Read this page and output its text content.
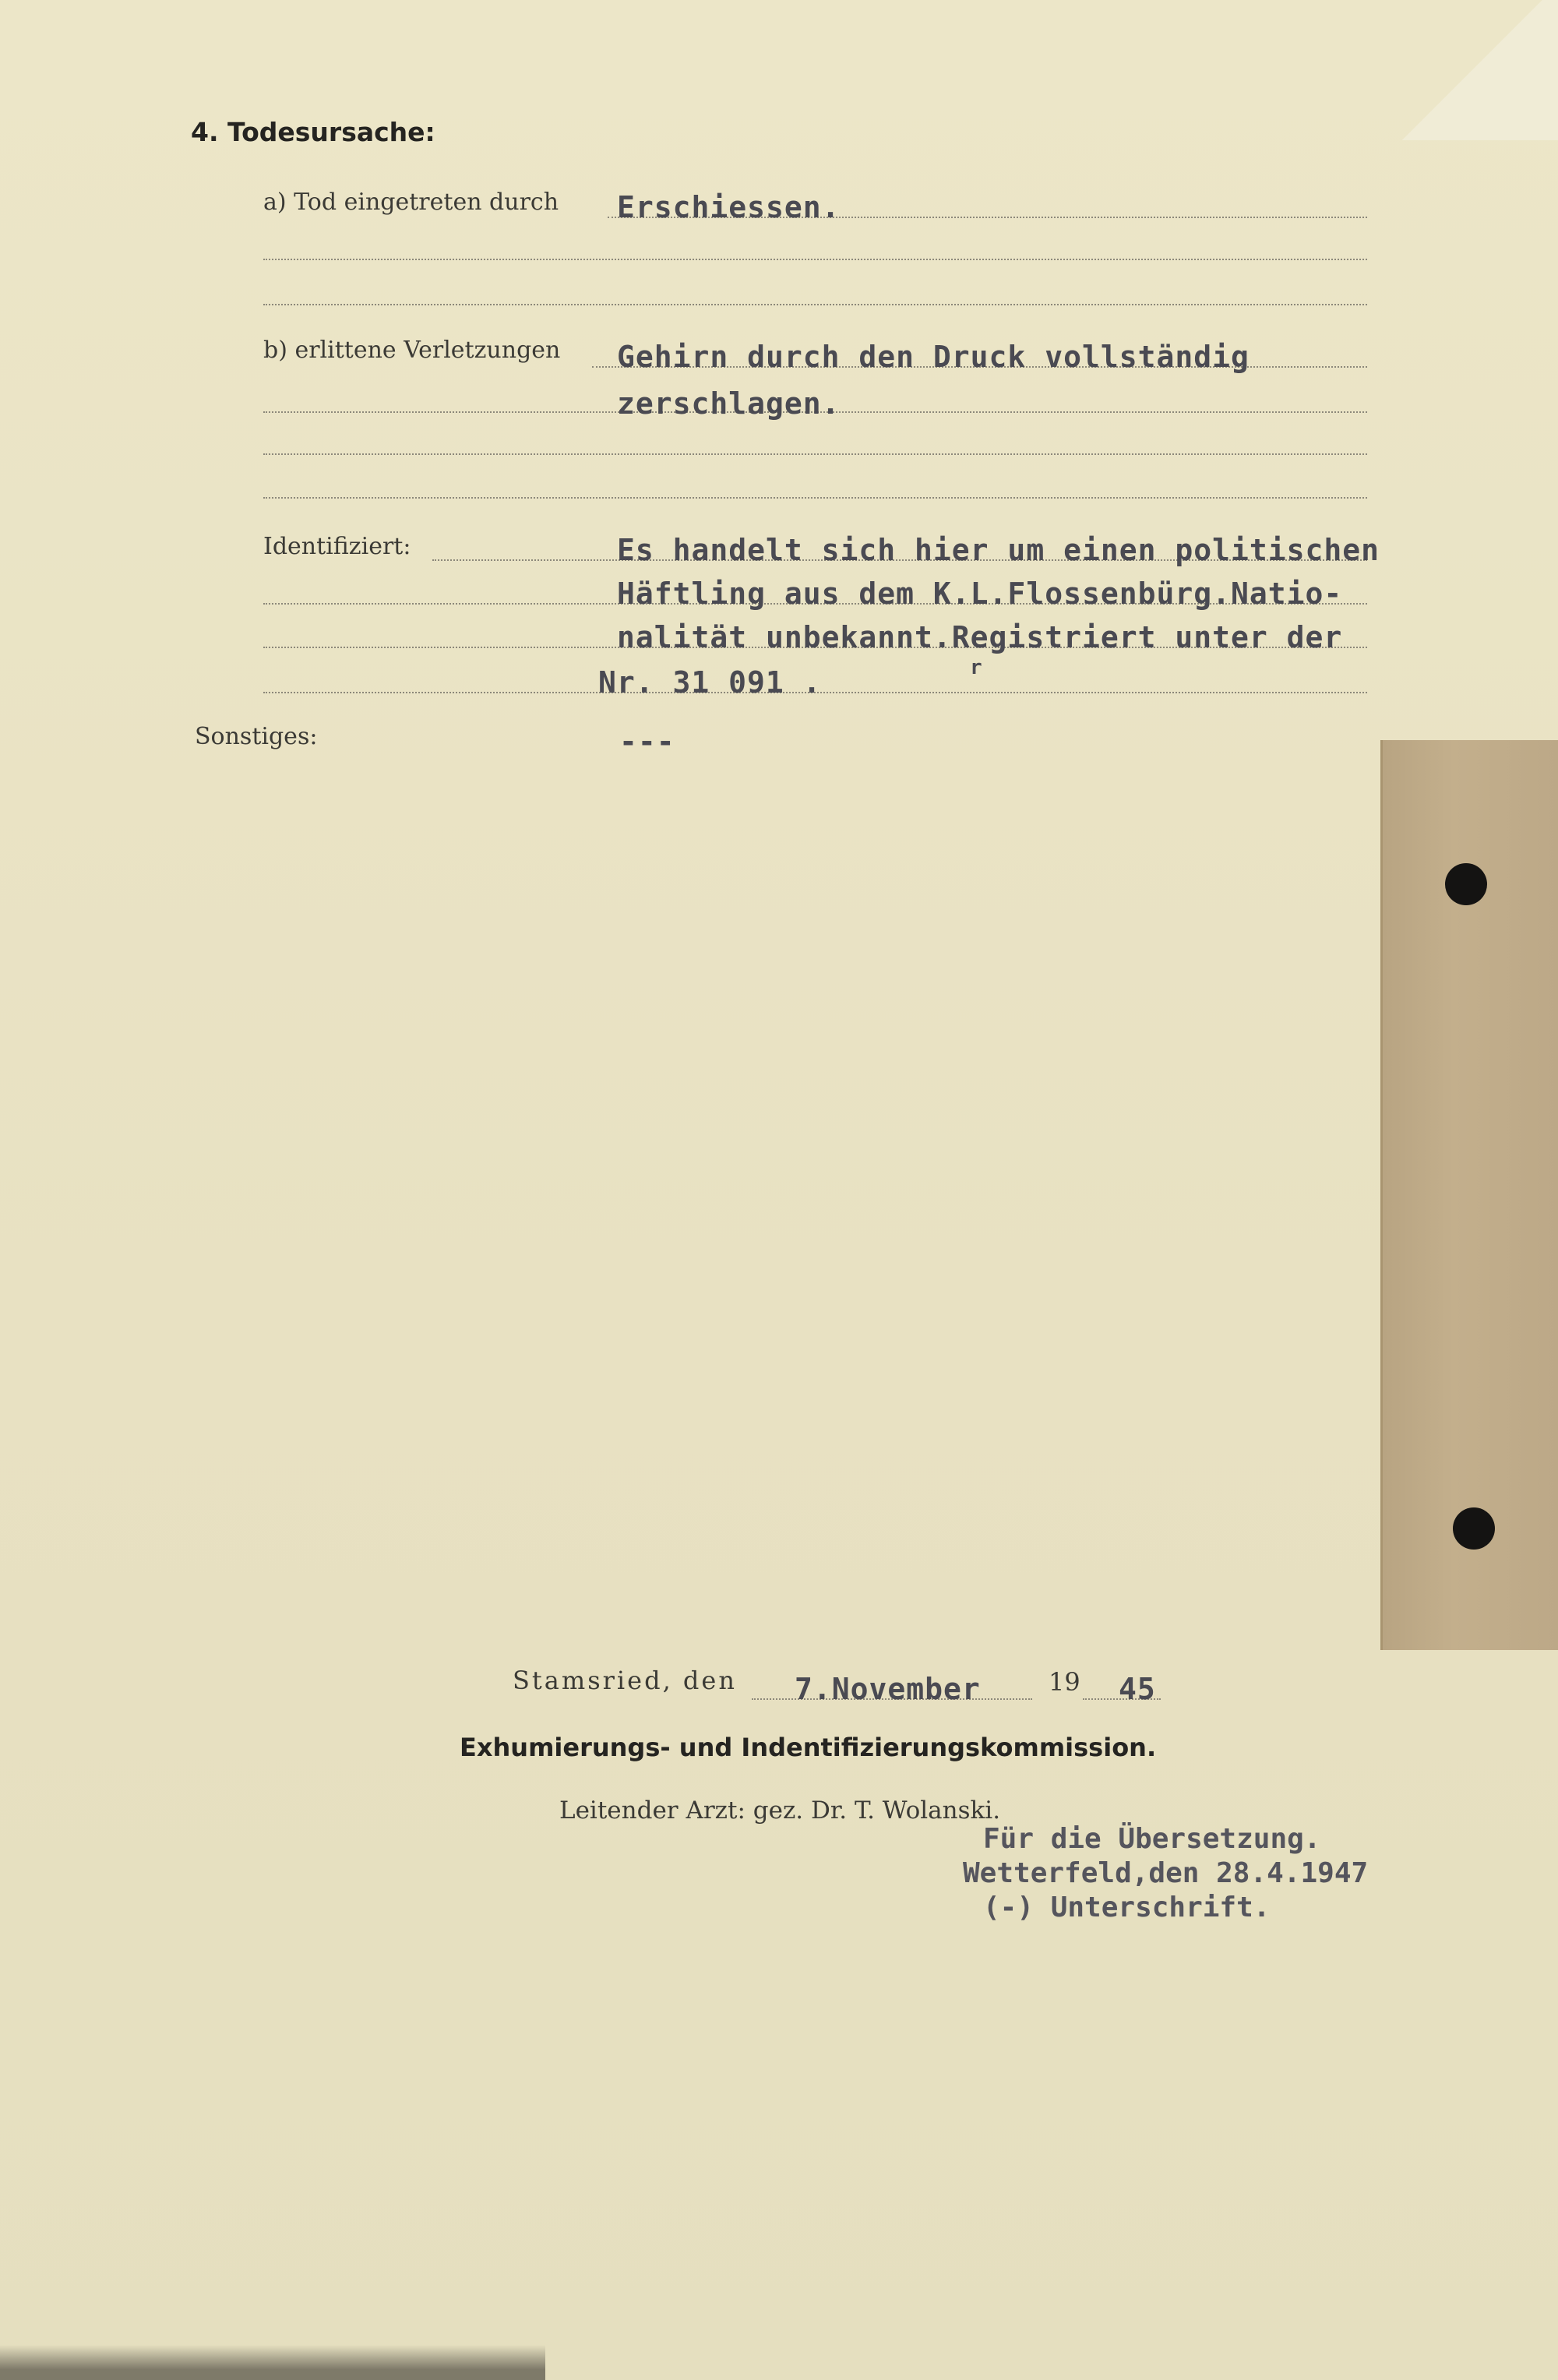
4. Todesursache:
a) Tod eingetreten durch Erschiessen.
b) erlittene Verletzungen Gehirn durch den Druck vollständig
zerschlagen.
Identifiziert:	Es handelt sich hier um einen politischen
Häftling aus dem K.L.Flossenbürg.Natio-
nalität unbekannt.Registriert unter der
r
Nr. 31 091 .
Sonstiges:	---
Stamsried, den 7.November	19 45
Exhumierungs- und Indentifizierungskommission.
Leitender Arzt: gez. Dr. T. Wolanski.
Für die Übersetzung.
Wetterfeld,den 28.4.1947
(-) Unterschrift.
